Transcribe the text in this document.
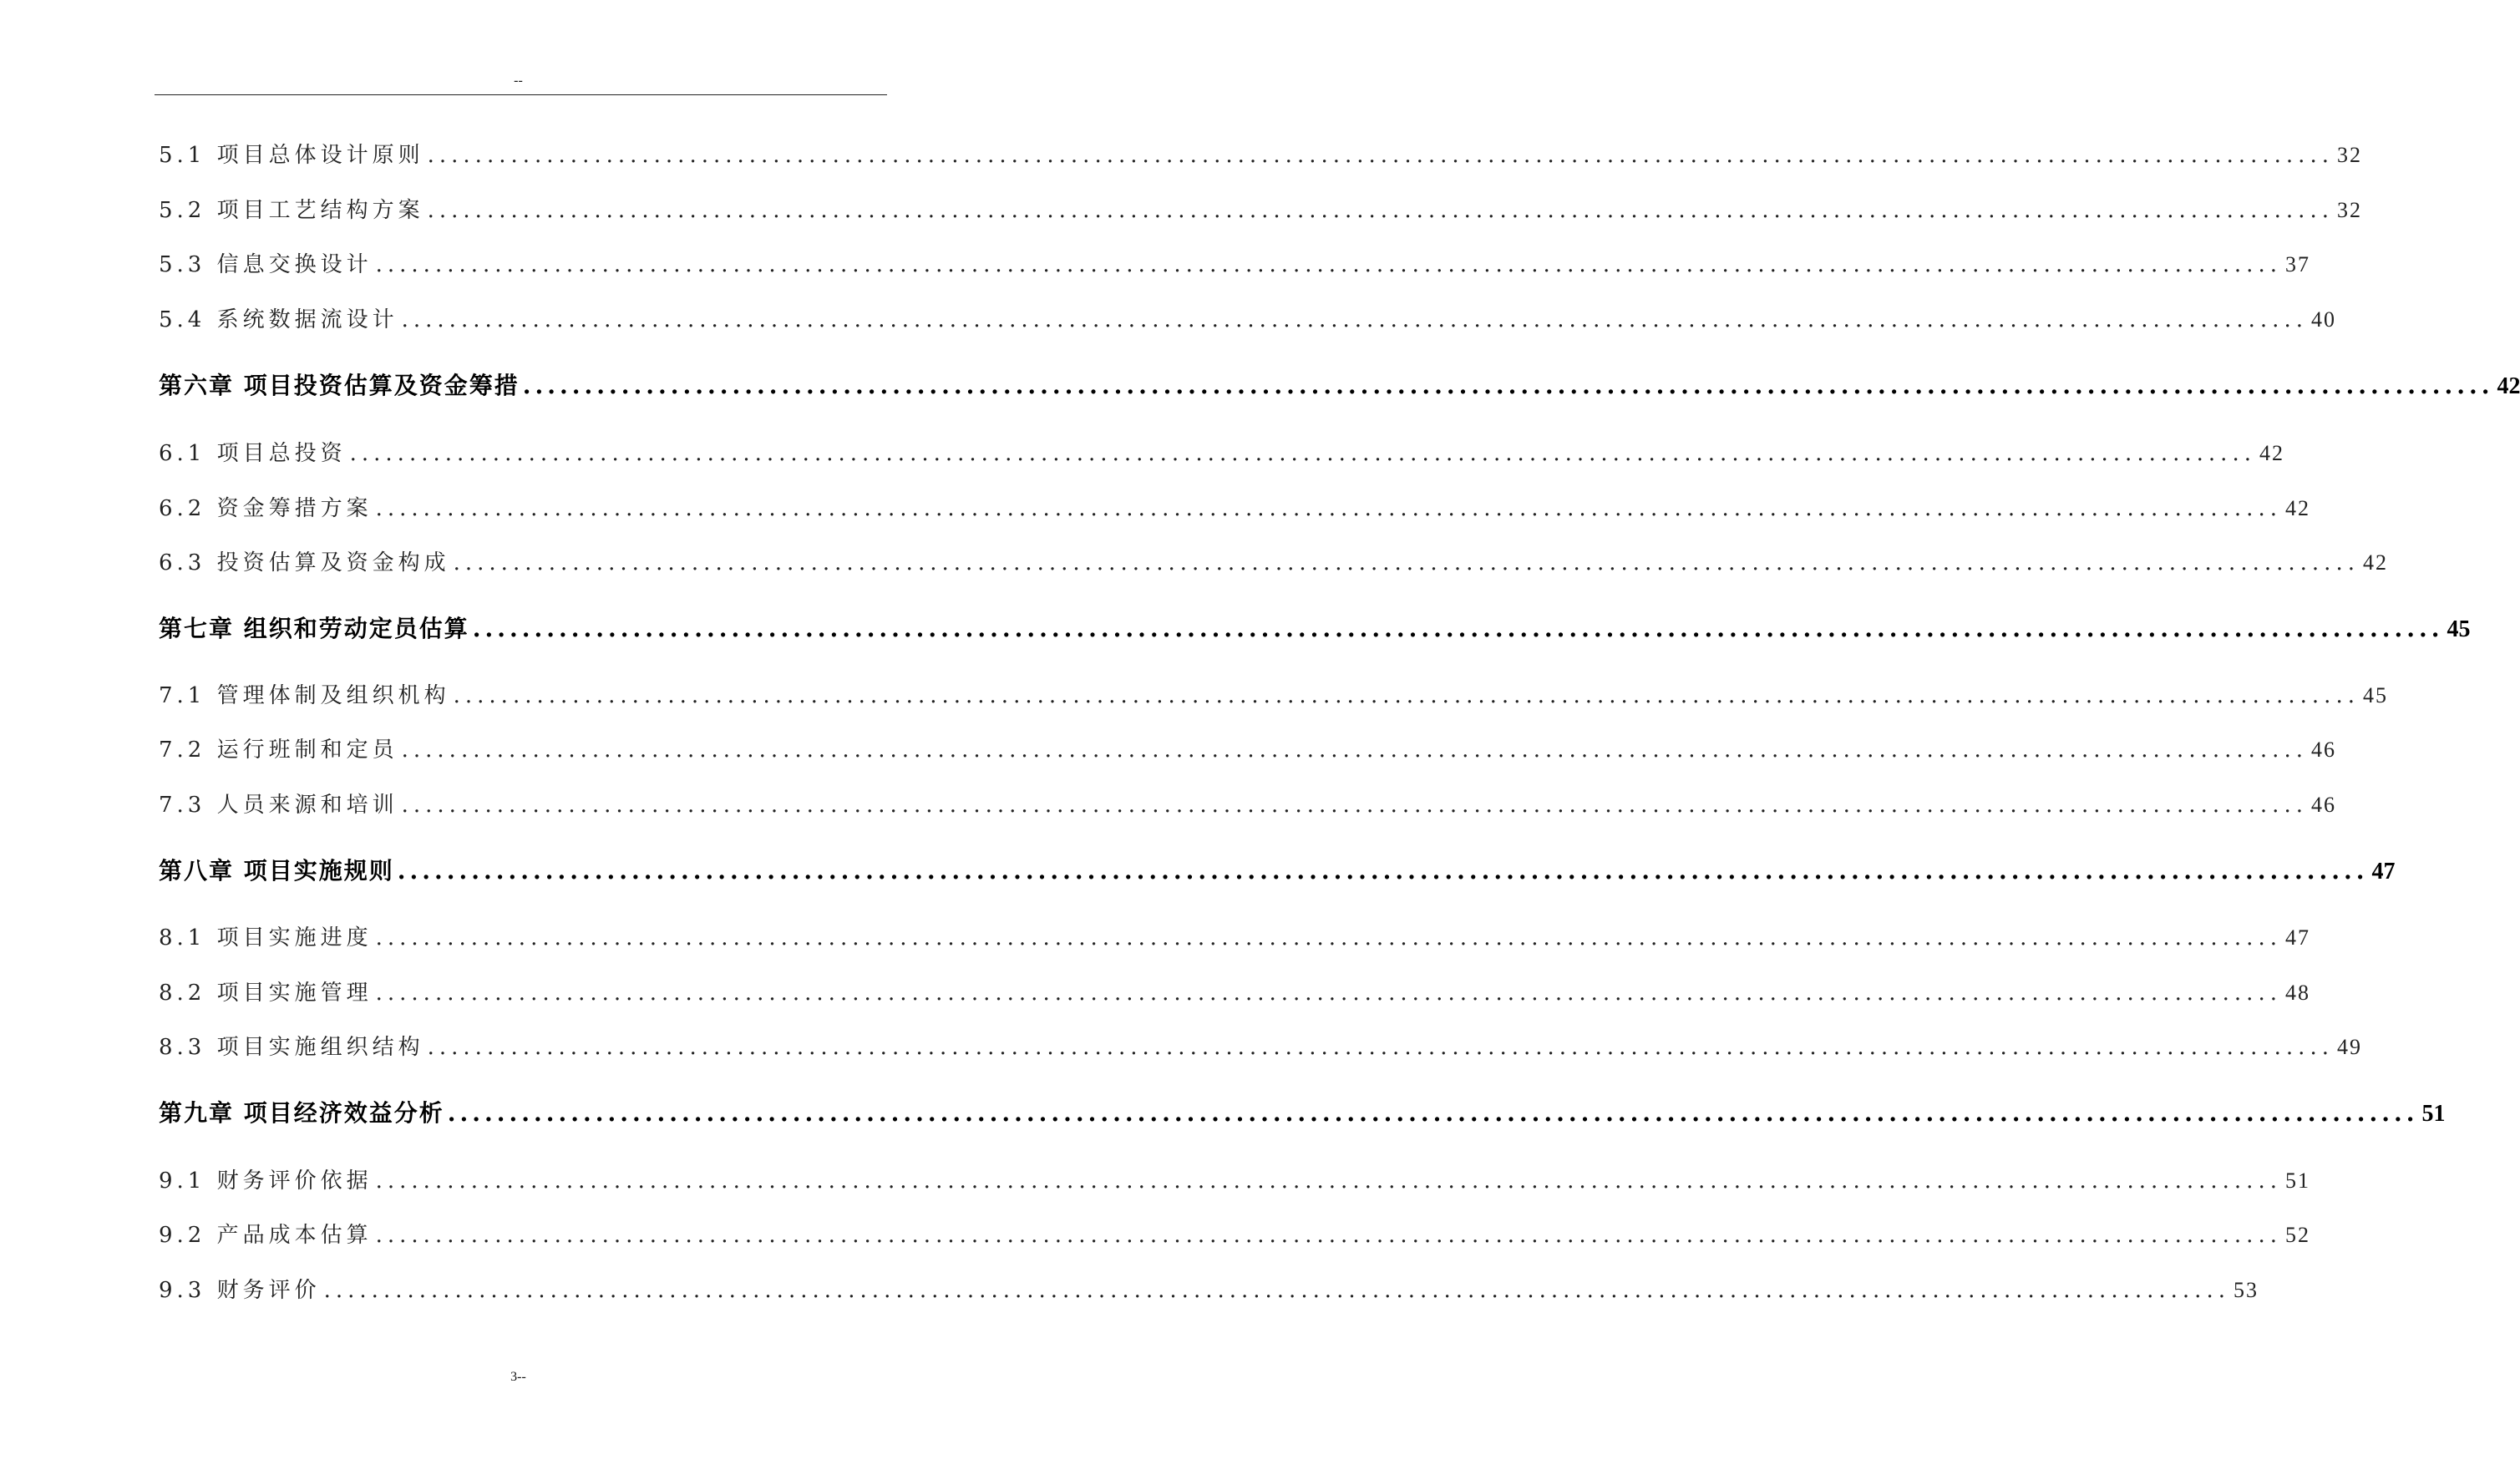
--
5.1 项目总体设计原则 ................................................................................................................................................................ 32
5.2 项目工艺结构方案 ................................................................................................................................................................ 32
5.3 信息交换设计 ................................................................................................................................................................ 37
5.4 系统数据流设计 ................................................................................................................................................................ 40
第六章 项目投资估算及资金筹措 ................................................................................................................................................................ 42
6.1 项目总投资 ................................................................................................................................................................ 42
6.2 资金筹措方案 ................................................................................................................................................................ 42
6.3 投资估算及资金构成 ................................................................................................................................................................ 42
第七章 组织和劳动定员估算 ................................................................................................................................................................ 45
7.1 管理体制及组织机构 ................................................................................................................................................................ 45
7.2 运行班制和定员 ................................................................................................................................................................ 46
7.3 人员来源和培训 ................................................................................................................................................................ 46
第八章 项目实施规则 ................................................................................................................................................................ 47
8.1 项目实施进度 ................................................................................................................................................................ 47
8.2 项目实施管理 ................................................................................................................................................................ 48
8.3 项目实施组织结构 ................................................................................................................................................................ 49
第九章 项目经济效益分析 ................................................................................................................................................................ 51
9.1 财务评价依据 ................................................................................................................................................................ 51
9.2 产品成本估算 ................................................................................................................................................................ 52
9.3 财务评价 ................................................................................................................................................................ 53
3--
